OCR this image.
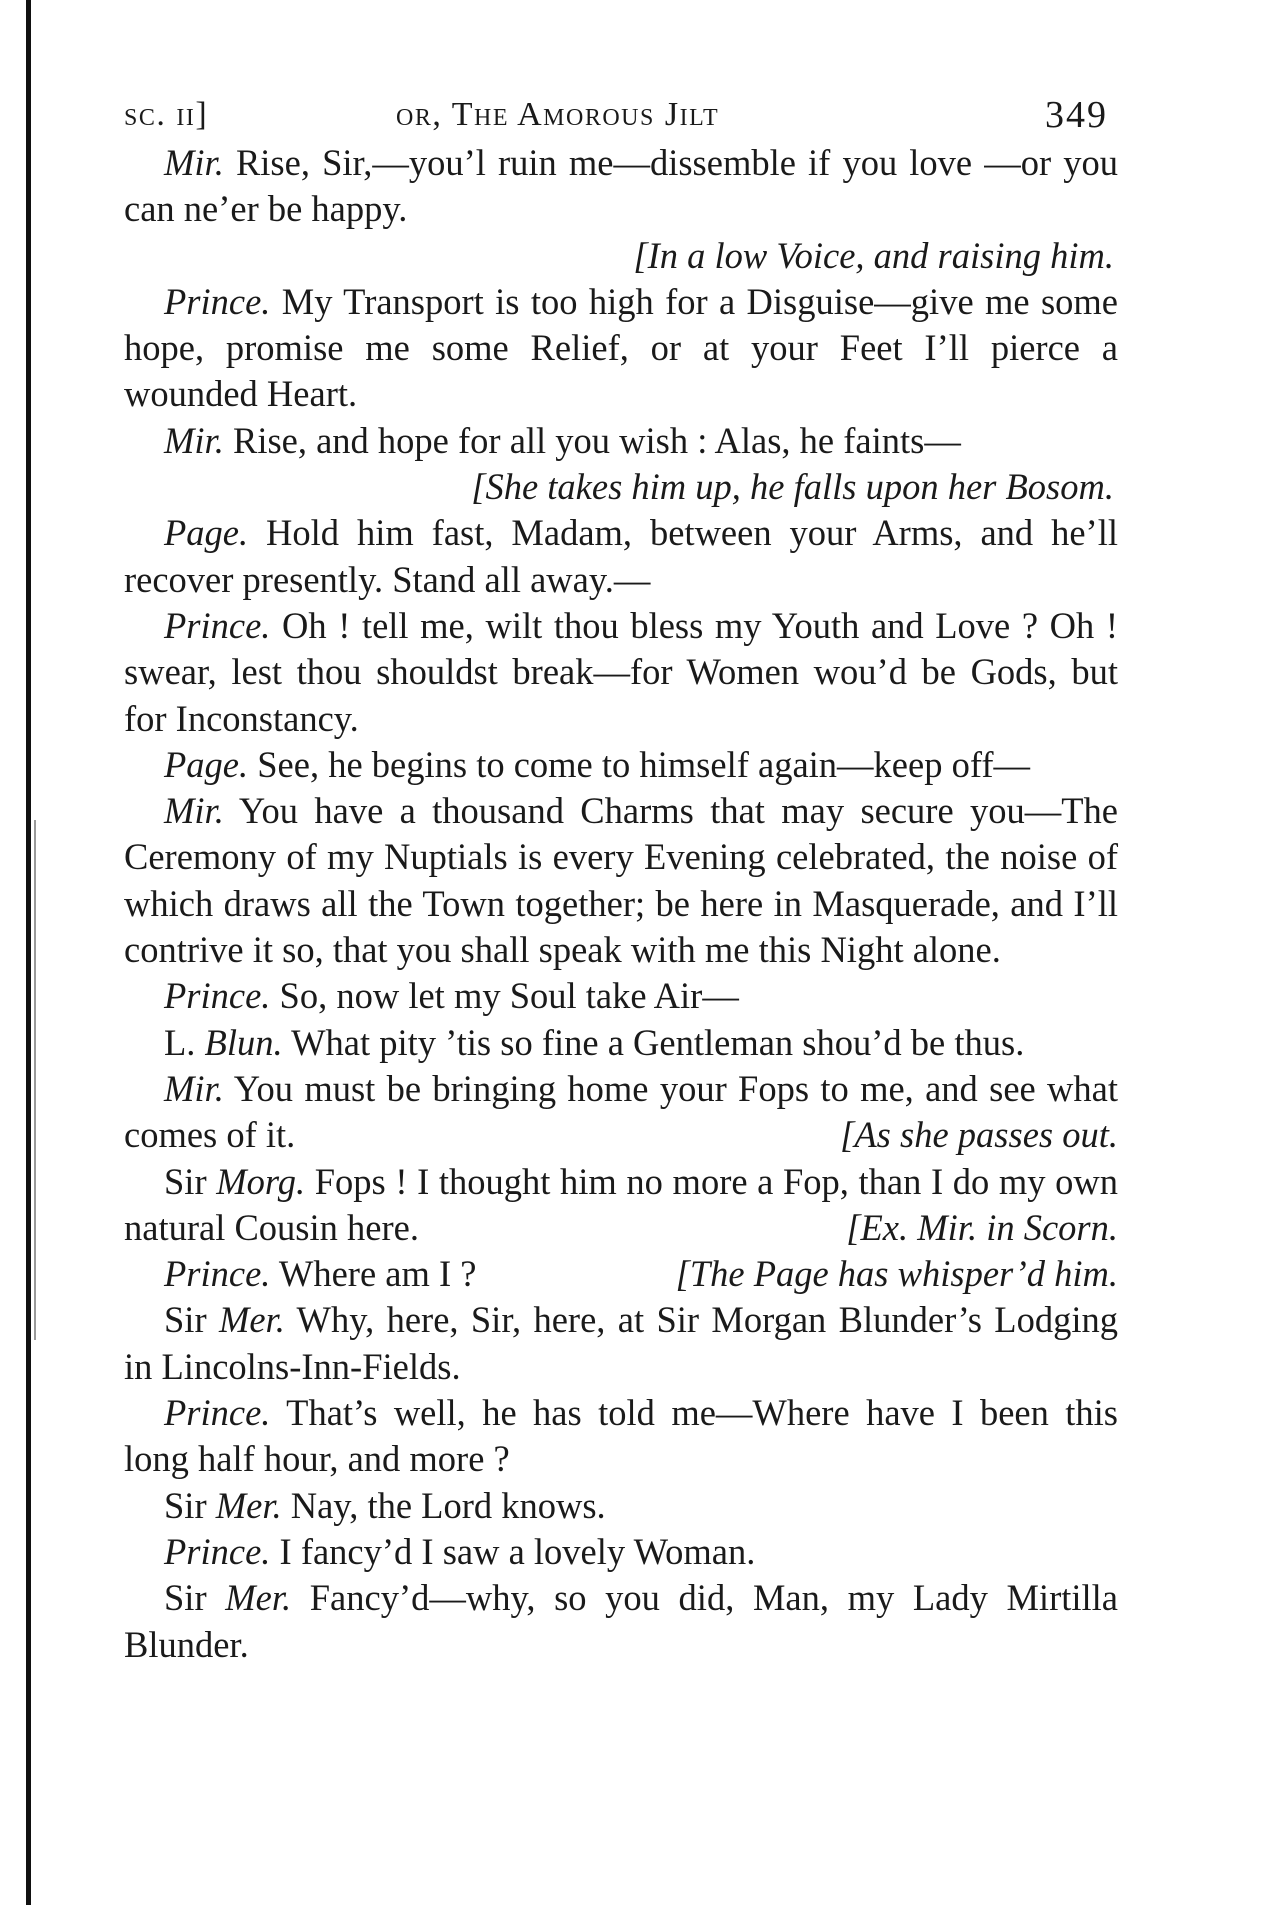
sc. ii]	or, The Amorous Jilt	349

Mir. Rise, Sir,—you’l ruin me—dissemble if you love —or you can ne’er be happy.

[In a low Voice, and raising him.

Prince. My Transport is too high for a Disguise—give me some hope, promise me some Relief, or at your Feet I’ll pierce a wounded Heart.

Mir. Rise, and hope for all you wish : Alas, he faints—

[She takes him up, he falls upon her Bosom.

Page. Hold him fast, Madam, between your Arms, and he’ll recover presently. Stand all away.—

Prince. Oh ! tell me, wilt thou bless my Youth and Love ? Oh ! swear, lest thou shouldst break—for Women wou’d be Gods, but for Inconstancy.

Page. See, he begins to come to himself again—keep off—

Mir. You have a thousand Charms that may secure you—The Ceremony of my Nuptials is every Evening celebrated, the noise of which draws all the Town together; be here in Masquerade, and I’ll contrive it so, that you shall speak with me this Night alone.

Prince. So, now let my Soul take Air—

L. Blun. What pity ’tis so fine a Gentleman shou’d be thus.

Mir. You must be bringing home your Fops to me, and see what comes of it.	[As she passes out.

Sir Morg. Fops ! I thought him no more a Fop, than I do my own natural Cousin here.	[Ex. Mir. in Scorn.

Prince. Where am I ?	[The Page has whisper’d him.

Sir Mer. Why, here, Sir, here, at Sir Morgan Blunder’s Lodging in Lincolns-Inn-Fields.

Prince. That’s well, he has told me—Where have I been this long half hour, and more ?

Sir Mer. Nay, the Lord knows.

Prince. I fancy’d I saw a lovely Woman.

Sir Mer. Fancy’d—why, so you did, Man, my Lady Mirtilla Blunder.
